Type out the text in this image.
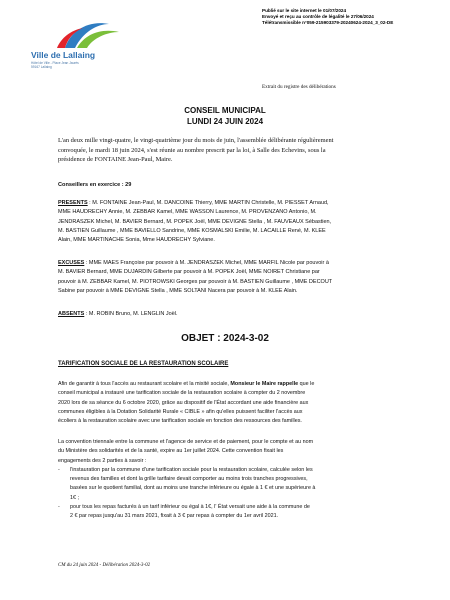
Ville de Lallaing
Hôtel de Ville - Place Jean Jaurès
59167 Lallaing
Publié sur le site internet le 01/07/2024
Envoyé et reçu au contrôle de légalité le 27/06/2024
Télétransmissible n°059-215903379-20240624-2024_3_02-DE
Extrait du registre des délibérations
CONSEIL MUNICIPAL
LUNDI 24 JUIN 2024
L'an deux mille vingt-quatre, le vingt-quatrième jour du mois de juin, l'assemblée délibérante régulièrement
convoquée, le mardi 18 juin 2024, s'est réunie au nombre prescrit par la loi, à Salle des Echevins, sous la
présidence de FONTAINE Jean-Paul, Maire.
Conseillers en exercice : 29
PRESENTS : M. FONTAINE Jean-Paul, M. DANCOINE Thierry, MME MARTIN Christelle, M. PIESSET Arnaud,
MME HAUDRECHY Annie, M. ZEBBAR Kamel, MME WASSON Laurence, M. PROVENZANO Antonio, M.
JENDRASZEK Michel, M. BAVIER Bernard, M. POPEK Joël, MME DEVIGNE Stella , M. FAUVEAUX Sébastien,
M. BASTIEN Guillaume , MME BAVIELLO Sandrine, MME KOSMALSKI Emilie, M. LACAILLE René, M. KLEE
Alain, MME MARTINACHE Sonia, Mme HAUDRECHY Sylviane.
EXCUSES : MME MAES Françoise par pouvoir à M. JENDRASZEK Michel, MME MARFIL Nicole par pouvoir à
M. BAVIER Bernard, MME DUJARDIN Gilberte par pouvoir à M. POPEK Joël, MME NOIRET Christiane par
pouvoir à M. ZEBBAR Kamel, M. PIOTROWSKI Georges par pouvoir à M. BASTIEN Guillaume , MME DECOUT
Sabine par pouvoir à MME DEVIGNE Stella , MME SOLTANI Nacera par pouvoir à M. KLEE Alain.
ABSENTS : M. ROBIN Bruno, M. LENGLIN Joël.
OBJET : 2024-3-02
TARIFICATION SOCIALE DE LA RESTAURATION SCOLAIRE
Afin de garantir à tous l'accès au restaurant scolaire et la mixité sociale, Monsieur le Maire rappelle que le
conseil municipal a instauré une tarification sociale de la restauration scolaire à compter du 2 novembre
2020 lors de sa séance du 6 octobre 2020, grâce au dispositif de l'État accordant une aide financière aux
communes éligibles à la Dotation Solidarité Rurale « CIBLE » afin qu'elles puissent faciliter l'accès aux
écoliers à la restauration scolaire avec une tarification sociale en fonction des ressources des familles.
La convention triennale entre la commune et l'agence de service et de paiement, pour le compte et au nom
du Ministère des solidarités et de la santé, expire au 1er juillet 2024. Cette convention fixait les
engagements des 2 parties à savoir :
- l'instauration par la commune d'une tarification sociale pour la restauration scolaire, calculée selon les
revenus des familles et dont la grille tarifaire devait comporter au moins trois tranches progressives,
basées sur le quotient familial, dont au moins une tranche inférieure ou égale à 1 € et une supérieure à
1€ ;
- pour tous les repas facturés à un tarif inférieur ou égal à 1€, l' État versait une aide à la commune de
2 € par repas jusqu'au 31 mars 2021, fixait à 3 € par repas à compter du 1er avril 2021.
CM du 24 juin 2024 - Délibération 2024-3-02
